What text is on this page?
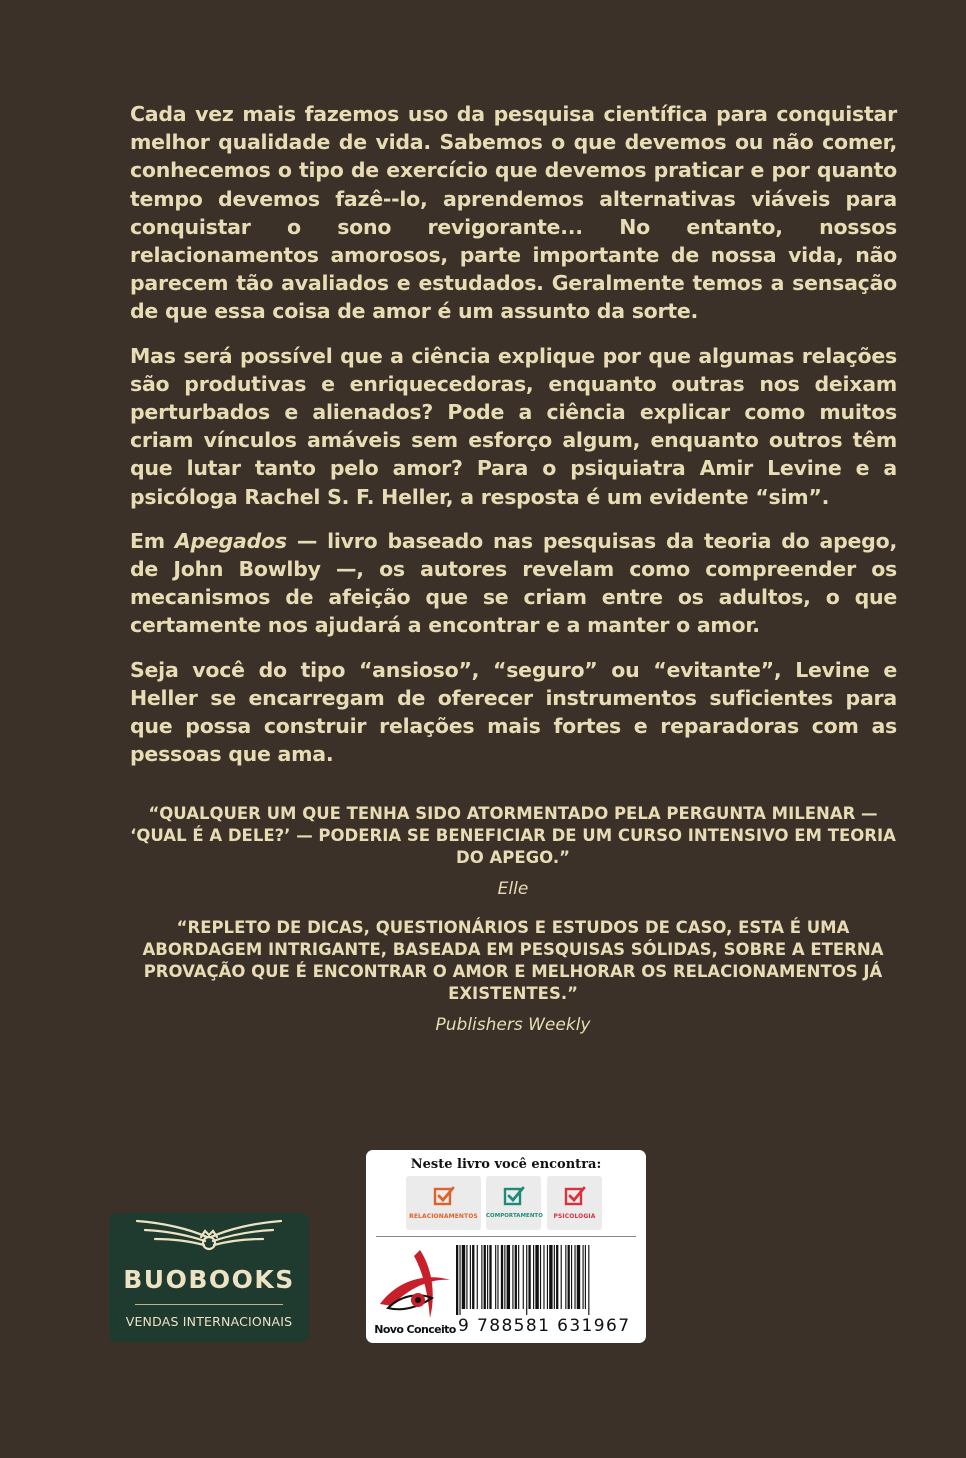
Cada vez mais fazemos uso da pesquisa científica para conquistar melhor qualidade de vida. Sabemos o que devemos ou não comer, conhecemos o tipo de exercício que devemos praticar e por quanto tempo devemos fazê--lo, aprendemos alternativas viáveis para conquistar o sono revigorante... No entanto, nossos relacionamentos amorosos, parte importante de nossa vida, não parecem tão avaliados e estudados. Geralmente temos a sensação de que essa coisa de amor é um assunto da sorte.

Mas será possível que a ciência explique por que algumas relações são produtivas e enriquecedoras, enquanto outras nos deixam perturbados e alienados? Pode a ciência explicar como muitos criam vínculos amáveis sem esforço algum, enquanto outros têm que lutar tanto pelo amor? Para o psiquiatra Amir Levine e a psicóloga Rachel S. F. Heller, a resposta é um evidente “sim”.

Em Apegados — livro baseado nas pesquisas da teoria do apego, de John Bowlby —, os autores revelam como compreender os mecanismos de afeição que se criam entre os adultos, o que certamente nos ajudará a encontrar e a manter o amor.

Seja você do tipo “ansioso”, “seguro” ou “evitante”, Levine e Heller se encarregam de oferecer instrumentos suficientes para que possa construir relações mais fortes e reparadoras com as pessoas que ama.

“QUALQUER UM QUE TENHA SIDO ATORMENTADO PELA PERGUNTA MILENAR — ‘QUAL É A DELE?’ — PODERIA SE BENEFICIAR DE UM CURSO INTENSIVO EM TEORIA DO APEGO.”

Elle

“REPLETO DE DICAS, QUESTIONÁRIOS E ESTUDOS DE CASO, ESTA É UMA ABORDAGEM INTRIGANTE, BASEADA EM PESQUISAS SÓLIDAS, SOBRE A ETERNA PROVAÇÃO QUE É ENCONTRAR O AMOR E MELHORAR OS RELACIONAMENTOS JÁ EXISTENTES.”

Publishers Weekly

BUOBOOKS
VENDAS INTERNACIONAIS
Neste livro você encontra:
RELACIONAMENTOS	COMPORTAMENTO	PSICOLOGIA
Novo Conceito 9 788581 631967
